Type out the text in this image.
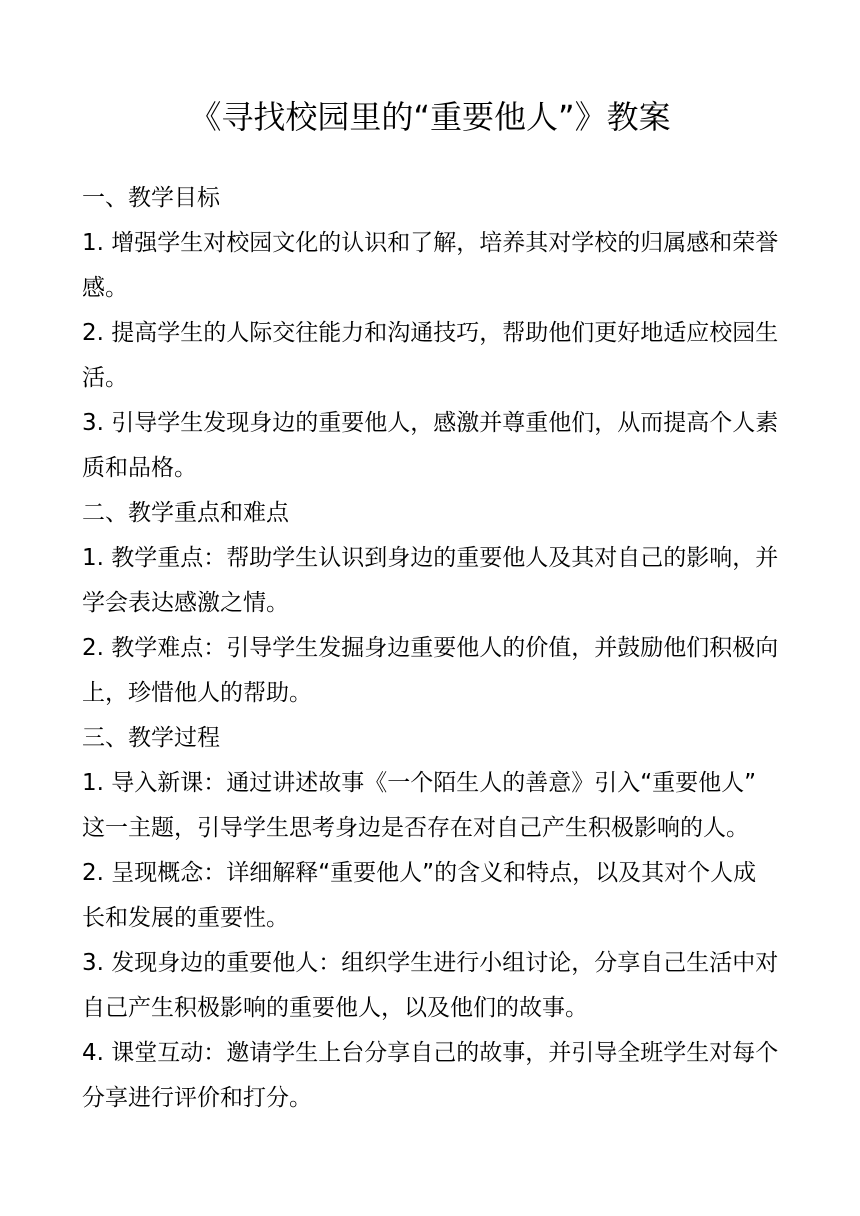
《寻找校园里的“重要他人”》教案

一、教学目标

1. 增强学生对校园文化的认识和了解，培养其对学校的归属感和荣誉

感。

2. 提高学生的人际交往能力和沟通技巧，帮助他们更好地适应校园生

活。

3. 引导学生发现身边的重要他人，感激并尊重他们，从而提高个人素

质和品格。

二、教学重点和难点

1. 教学重点：帮助学生认识到身边的重要他人及其对自己的影响，并

学会表达感激之情。

2. 教学难点：引导学生发掘身边重要他人的价值，并鼓励他们积极向

上，珍惜他人的帮助。

三、教学过程

1. 导入新课：通过讲述故事《一个陌生人的善意》引入“重要他人”

这一主题，引导学生思考身边是否存在对自己产生积极影响的人。

2. 呈现概念：详细解释“重要他人”的含义和特点，以及其对个人成

长和发展的重要性。

3. 发现身边的重要他人：组织学生进行小组讨论，分享自己生活中对

自己产生积极影响的重要他人，以及他们的故事。

4. 课堂互动：邀请学生上台分享自己的故事，并引导全班学生对每个

分享进行评价和打分。
